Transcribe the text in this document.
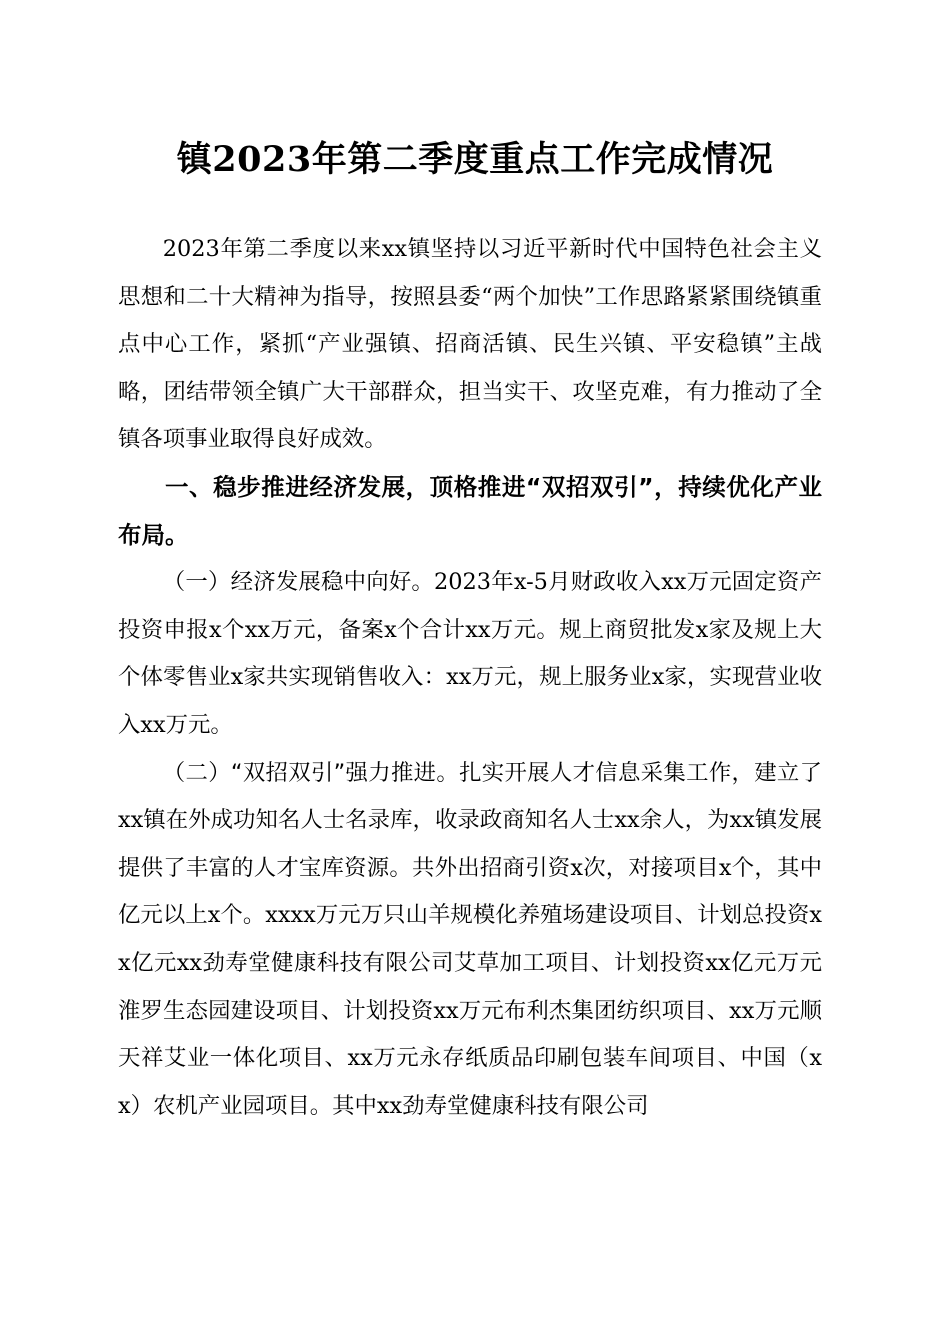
镇2023年第二季度重点工作完成情况

2023年第二季度以来xx镇坚持以习近平新时代中国特色社会主义思想和二十大精神为指导，按照县委“两个加快”工作思路紧紧围绕镇重点中心工作，紧抓“产业强镇、招商活镇、民生兴镇、平安稳镇”主战略，团结带领全镇广大干部群众，担当实干、攻坚克难，有力推动了全镇各项事业取得良好成效。

一、稳步推进经济发展，顶格推进“双招双引”，持续优化产业布局。

（一）经济发展稳中向好。2023年x-5月财政收入xx万元固定资产投资申报x个xx万元，备案x个合计xx万元。规上商贸批发x家及规上大个体零售业x家共实现销售收入：xx万元，规上服务业x家，实现营业收入xx万元。

（二）“双招双引”强力推进。扎实开展人才信息采集工作，建立了xx镇在外成功知名人士名录库，收录政商知名人士xx余人，为xx镇发展提供了丰富的人才宝库资源。共外出招商引资x次，对接项目x个，其中亿元以上x个。xxxx万元万只山羊规模化养殖场建设项目、计划总投资xx亿元xx劲寿堂健康科技有限公司艾草加工项目、计划投资xx亿元万元淮罗生态园建设项目、计划投资xx万元布利杰集团纺织项目、xx万元顺天祥艾业一体化项目、xx万元永存纸质品印刷包装车间项目、中国（xx）农机产业园项目。其中xx劲寿堂健康科技有限公司
